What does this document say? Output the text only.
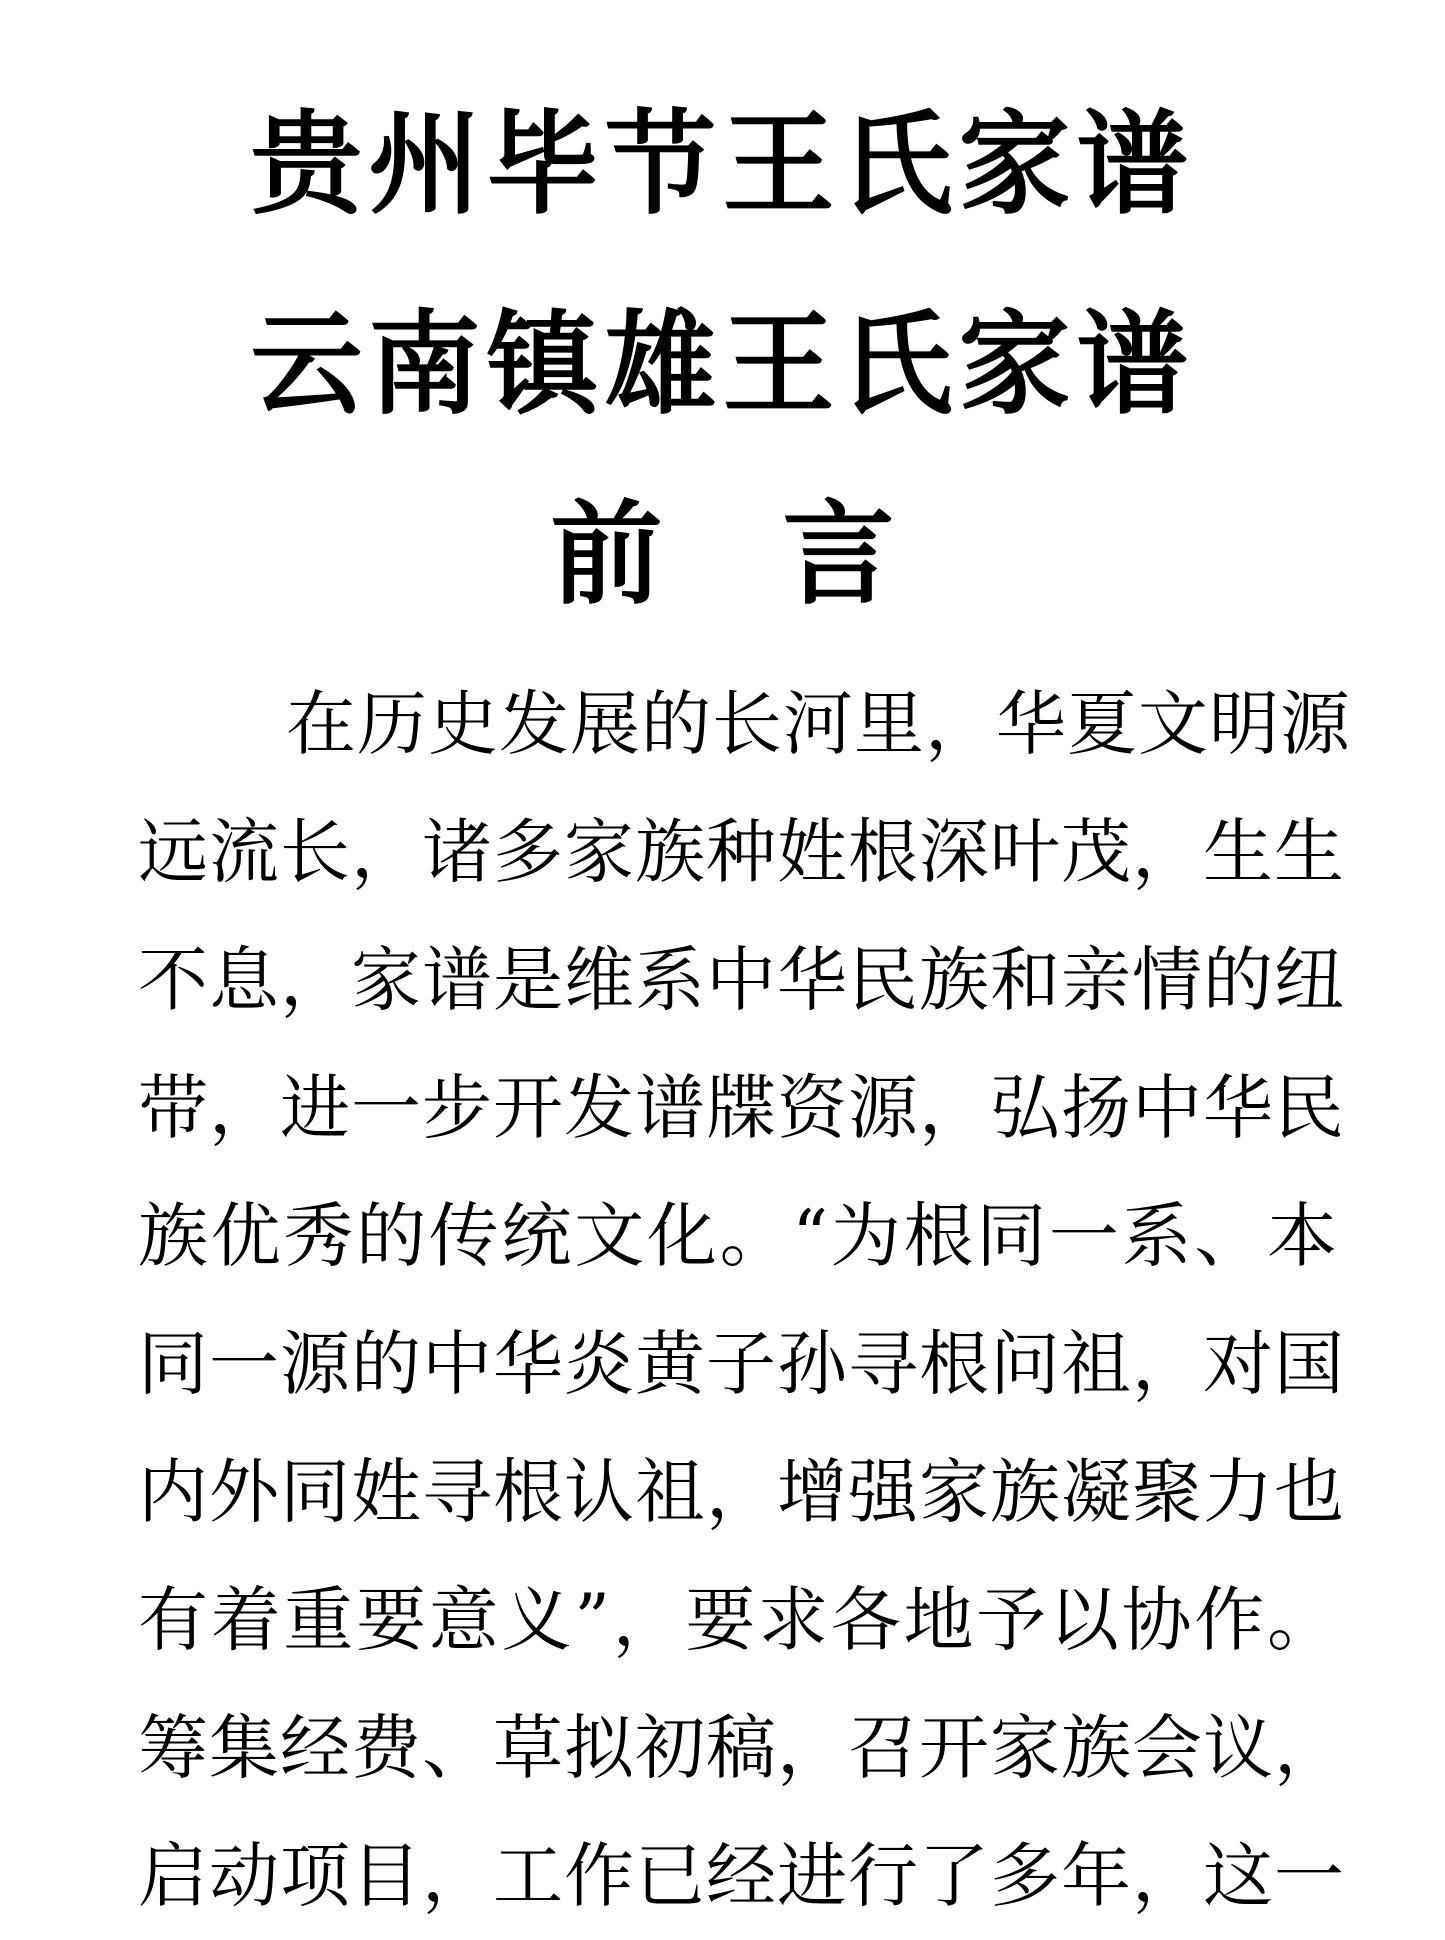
贵州毕节王氏家谱
云南镇雄王氏家谱
前 言
在历史发展的长河里，华夏文明源
远流长，诸多家族种姓根深叶茂，生生
不息，家谱是维系中华民族和亲情的纽
带，进一步开发谱牒资源，弘扬中华民
族优秀的传统文化。“为根同一系、本
同一源的中华炎黄子孙寻根问祖，对国
内外同姓寻根认祖，增强家族凝聚力也
有着重要意义”，要求各地予以协作。
筹集经费、草拟初稿，召开家族会议，
启动项目，工作已经进行了多年，这一
